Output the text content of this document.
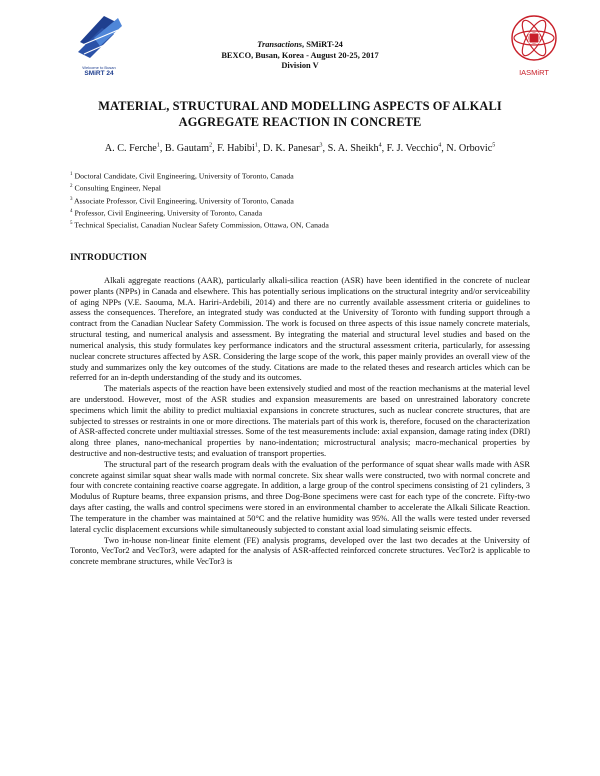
Welcome to Busan
SMiRT 24
Transactions, SMiRT-24
BEXCO, Busan, Korea - August 20-25, 2017
Division V
IASMiRT
MATERIAL, STRUCTURAL AND MODELLING ASPECTS OF ALKALI
AGGREGATE REACTION IN CONCRETE
A. C. Ferche$^1$, B. Gautam$^2$, F. Habibi$^1$, D. K. Panesar$^3$, S. A. Sheikh$^4$, F. J. Vecchio$^4$, N. Orbovic$^5$
$^1$ Doctoral Candidate, Civil Engineering, University of Toronto, Canada
$^2$ Consulting Engineer, Nepal
$^3$ Associate Professor, Civil Engineering, University of Toronto, Canada
$^4$ Professor, Civil Engineering, University of Toronto, Canada
$^5$ Technical Specialist, Canadian Nuclear Safety Commission, Ottawa, ON, Canada
INTRODUCTION

Alkali aggregate reactions (AAR), particularly alkali-silica reaction (ASR) have been identified in the concrete of nuclear power plants (NPPs) in Canada and elsewhere. This has potentially serious implications on the structural integrity and/or serviceability of aging NPPs (V.E. Saouma, M.A. Hariri-Ardebili, 2014) and there are no currently available assessment criteria or guidelines to assess the consequences. Therefore, an integrated study was conducted at the University of Toronto with funding support through a contract from the Canadian Nuclear Safety Commission. The work is focused on three aspects of this issue namely concrete materials, structural testing, and numerical analysis and assessment. By integrating the material and structural level studies and based on the numerical analysis, this study formulates key performance indicators and the structural assessment criteria, particularly, for assessing nuclear concrete structures affected by ASR. Considering the large scope of the work, this paper mainly provides an overall view of the study and summarizes only the key outcomes of the study. Citations are made to the related theses and research articles which can be referred for an in-depth understanding of the study and its outcomes.

The materials aspects of the reaction have been extensively studied and most of the reaction mechanisms at the material level are understood. However, most of the ASR studies and expansion measurements are based on unrestrained laboratory concrete specimens which limit the ability to predict multiaxial expansions in concrete structures, such as nuclear concrete structures, that are subjected to stresses or restraints in one or more directions. The materials part of this work is, therefore, focused on the characterization of ASR-affected concrete under multiaxial stresses. Some of the test measurements include: axial expansion, damage rating index (DRI) along three planes, nano-mechanical properties by nano-indentation; microstructural analysis; macro-mechanical properties by destructive and non-destructive tests; and evaluation of transport properties.

The structural part of the research program deals with the evaluation of the performance of squat shear walls made with ASR concrete against similar squat shear walls made with normal concrete. Six shear walls were constructed, two with normal concrete and four with concrete containing reactive coarse aggregate. In addition, a large group of the control specimens consisting of 21 cylinders, 3 Modulus of Rupture beams, three expansion prisms, and three Dog-Bone specimens were cast for each type of the concrete. Fifty-two days after casting, the walls and control specimens were stored in an environmental chamber to accelerate the Alkali Silicate Reaction. The temperature in the chamber was maintained at 50°C and the relative humidity was 95%. All the walls were tested under reversed lateral cyclic displacement excursions while simultaneously subjected to constant axial load simulating seismic effects.

Two in-house non-linear finite element (FE) analysis programs, developed over the last two decades at the University of Toronto, VecTor2 and VecTor3, were adapted for the analysis of ASR-affected reinforced concrete structures. VecTor2 is applicable to concrete membrane structures, while VecTor3 is
